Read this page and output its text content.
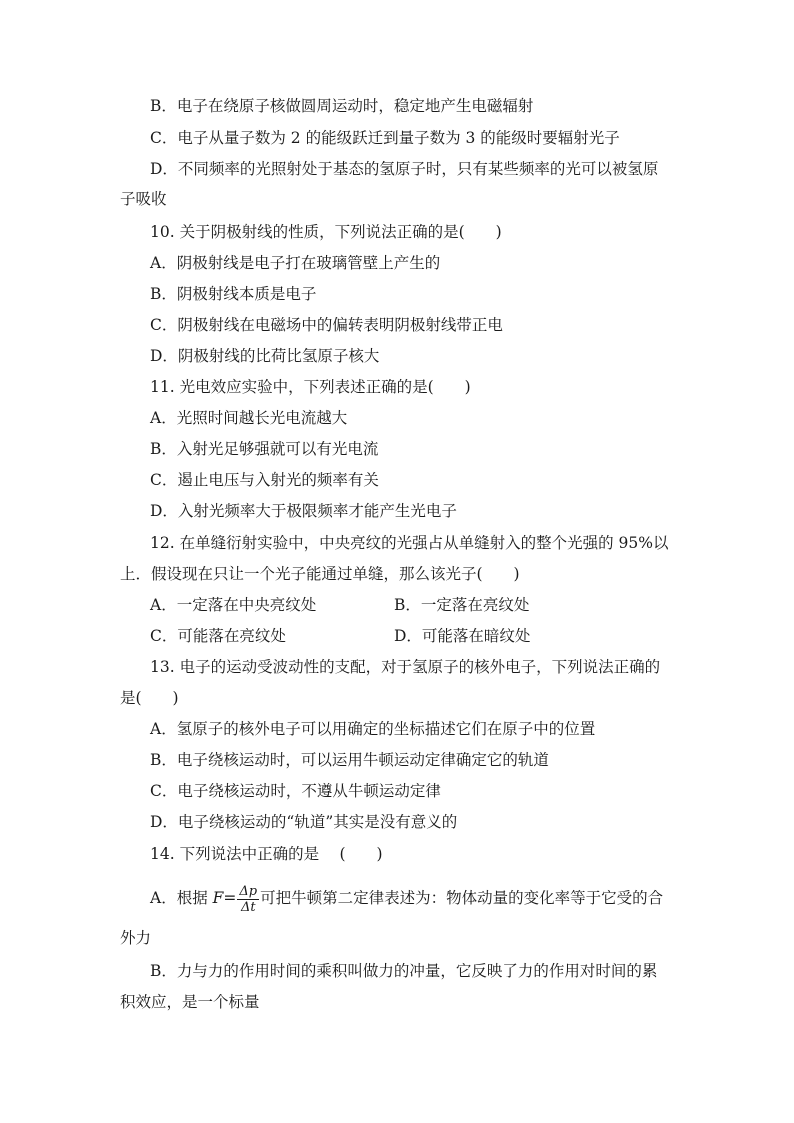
B．电子在绕原子核做圆周运动时，稳定地产生电磁辐射
C．电子从量子数为 2 的能级跃迁到量子数为 3 的能级时要辐射光子
D．不同频率的光照射处于基态的氢原子时，只有某些频率的光可以被氢原
子吸收
10. 关于阴极射线的性质，下列说法正确的是(　　)
A．阴极射线是电子打在玻璃管壁上产生的
B．阴极射线本质是电子
C．阴极射线在电磁场中的偏转表明阴极射线带正电
D．阴极射线的比荷比氢原子核大
11. 光电效应实验中，下列表述正确的是(　　)
A．光照时间越长光电流越大
B．入射光足够强就可以有光电流
C．遏止电压与入射光的频率有关
D．入射光频率大于极限频率才能产生光电子
12. 在单缝衍射实验中，中央亮纹的光强占从单缝射入的整个光强的 95%以
上．假设现在只让一个光子能通过单缝，那么该光子(　　)
A．一定落在中央亮纹处	B．一定落在亮纹处
C．可能落在亮纹处	D．可能落在暗纹处
13. 电子的运动受波动性的支配，对于氢原子的核外电子，下列说法正确的
是(　　)
A．氢原子的核外电子可以用确定的坐标描述它们在原子中的位置
B．电子绕核运动时，可以运用牛顿运动定律确定它的轨道
C．电子绕核运动时，不遵从牛顿运动定律
D．电子绕核运动的“轨道”其实是没有意义的
14. 下列说法中正确的是　 (　　)
A．根据 $F= \frac{\Delta p}{\Delta t}$ 可把牛顿第二定律表述为：物体动量的变化率等于它受的合
外力
B．力与力的作用时间的乘积叫做力的冲量，它反映了力的作用对时间的累
积效应，是一个标量
